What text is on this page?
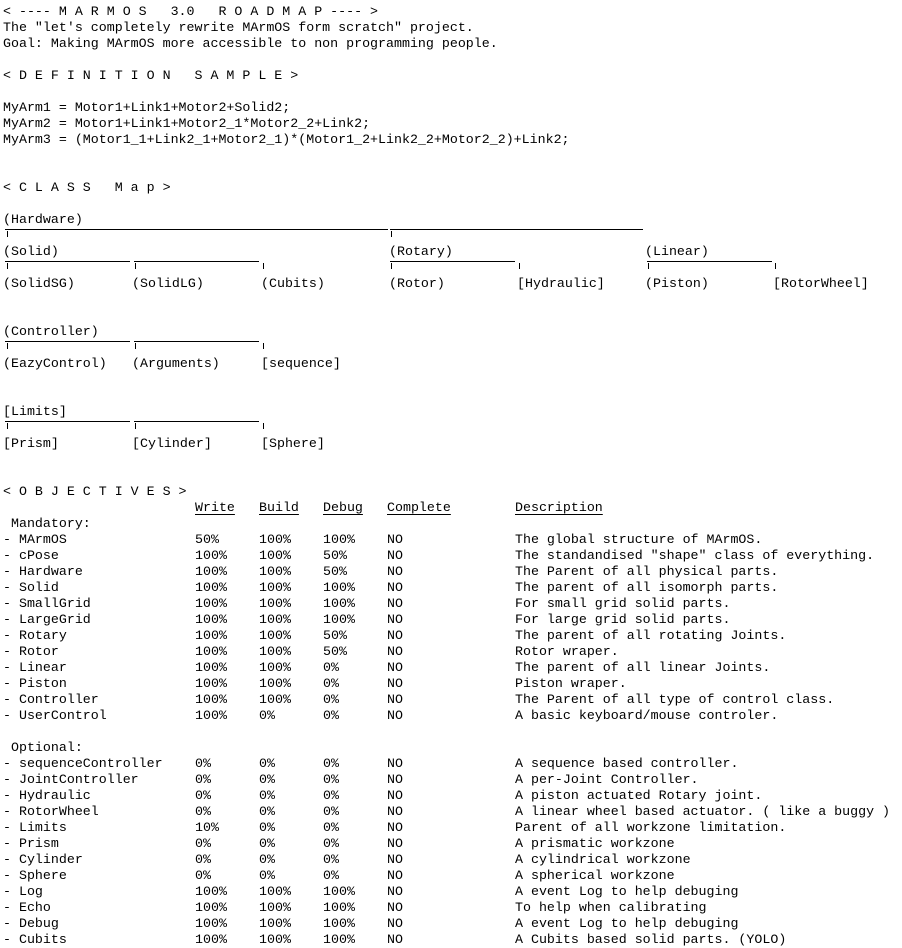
< ---- M A R M O S   3.0   R O A D M A P ---- >
The "let's completely rewrite MArmOS form scratch" project.
Goal: Making MArmOS more accessible to non programming people.
< D E F I N I T I O N   S A M P L E >
MyArm1 = Motor1+Link1+Motor2+Solid2;
MyArm2 = Motor1+Link1+Motor2_1*Motor2_2+Link2;
MyArm3 = (Motor1_1+Link2_1+Motor2_1)*(Motor1_2+Link2_2+Motor2_2)+Link2;
< C L A S S   M a p >
(Hardware)
(Solid)	(Rotary)	(Linear)
(SolidSG)	(SolidLG)	(Cubits)	(Rotor)	[Hydraulic]	(Piston)	[RotorWheel]
(Controller)
(EazyControl) (Arguments)	[sequence]
[Limits]
[Prism]	[Cylinder]	[Sphere]
< O B J E C T I V E S >
Write Build Debug Complete	Description
Mandatory:
- MArmOS	50%	100% 100% NO	The global structure of MArmOS.
- cPose	100% 100% 50%	NO	The standandised "shape" class of everything.
- Hardware	100% 100% 50%	NO	The Parent of all physical parts.
- Solid	100% 100% 100% NO	The parent of all isomorph parts.
- SmallGrid	100% 100% 100% NO	For small grid solid parts.
- LargeGrid	100% 100% 100% NO	For large grid solid parts.
- Rotary	100% 100% 50%	NO	The parent of all rotating Joints.
- Rotor	100% 100% 50%	NO	Rotor wraper.
- Linear	100% 100% 0%	NO	The parent of all linear Joints.
- Piston	100% 100% 0%	NO	Piston wraper.
- Controller	100% 100% 0%	NO	The Parent of all type of control class.
- UserControl	100% 0%	0%	NO	A basic keyboard/mouse controler.
Optional:
- sequenceController 0%	0%	0%	NO	A sequence based controller.
- JointController	0%	0%	0%	NO	A per-Joint Controller.
- Hydraulic	0%	0%	0%	NO	A piston actuated Rotary joint.
- RotorWheel	0%	0%	0%	NO	A linear wheel based actuator. ( like a buggy )
- Limits	10%	0%	0%	NO	Parent of all workzone limitation.
- Prism	0%	0%	0%	NO	A prismatic workzone
- Cylinder	0%	0%	0%	NO	A cylindrical workzone
- Sphere	0%	0%	0%	NO	A spherical workzone
- Log	100% 100% 100% NO	A event Log to help debuging
- Echo	100% 100% 100% NO	To help when calibrating
- Debug	100% 100% 100% NO	A event Log to help debuging
- Cubits	100% 100% 100% NO	A Cubits based solid parts. (YOLO)
